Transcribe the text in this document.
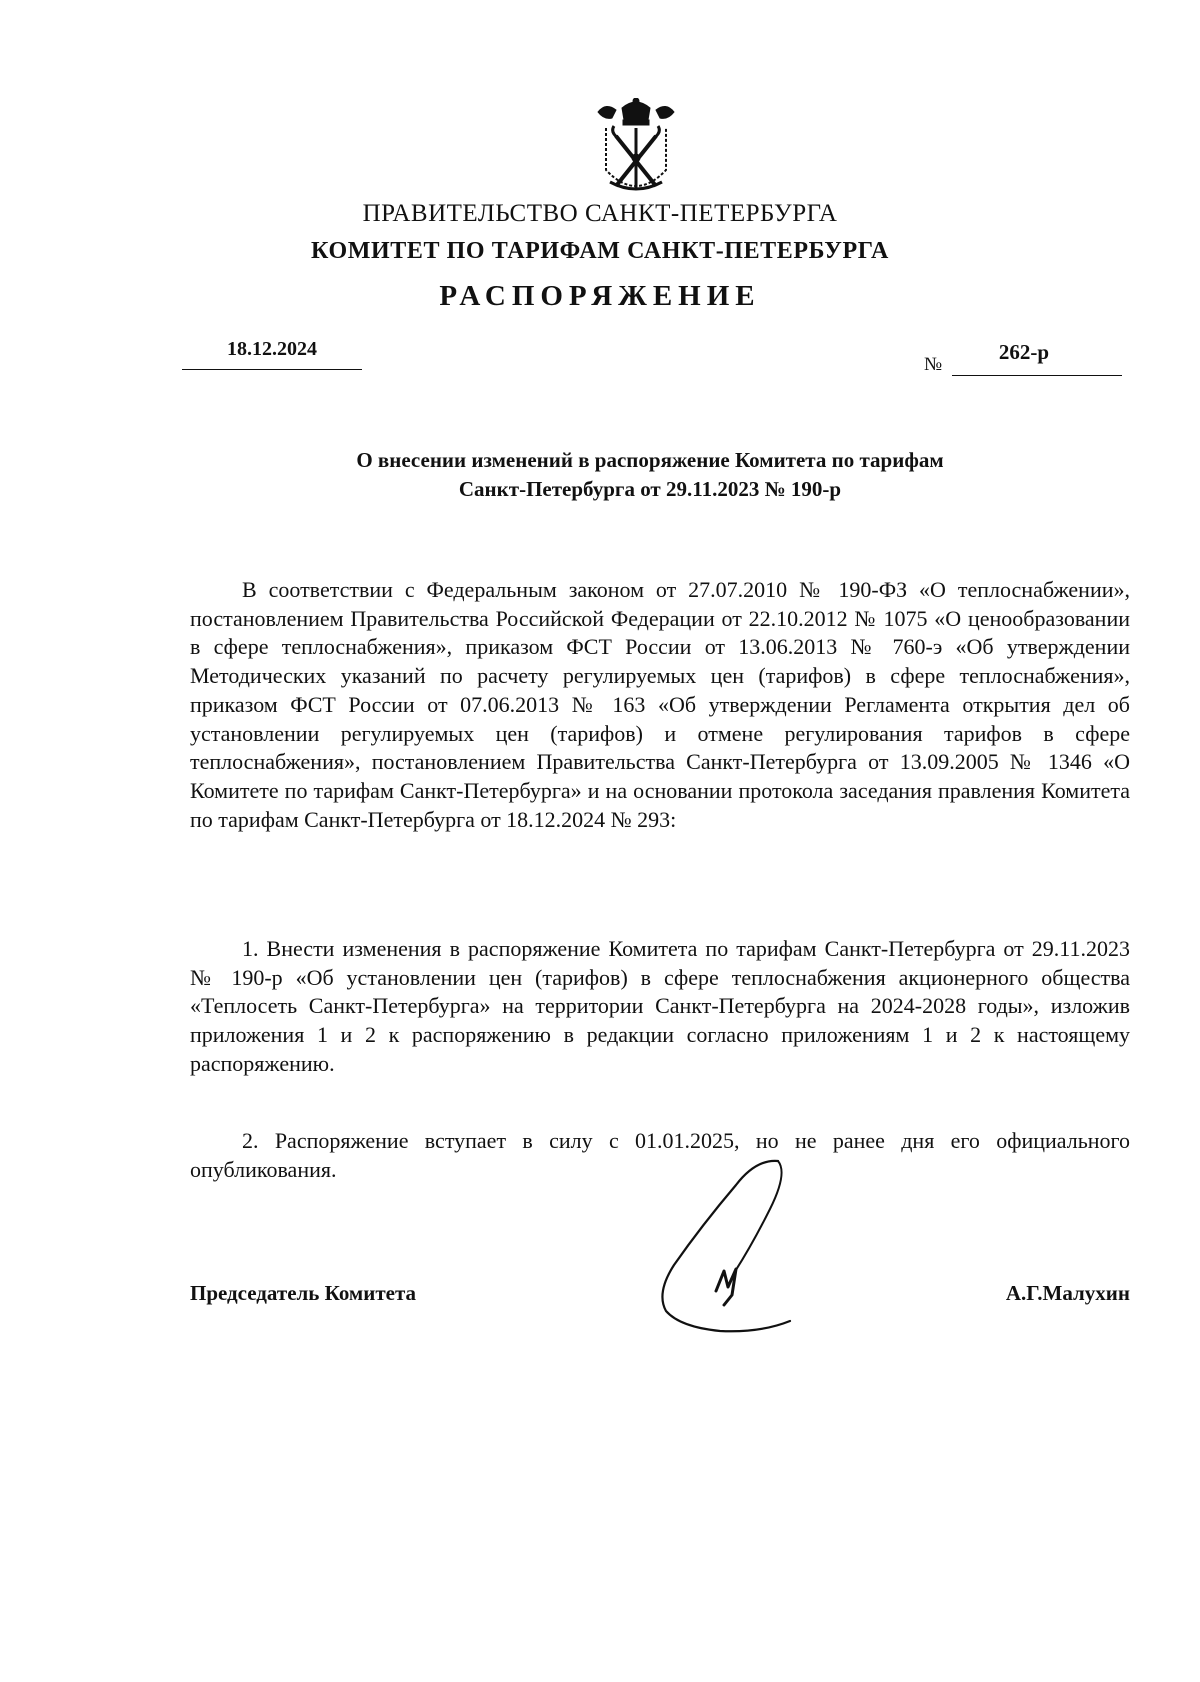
ПРАВИТЕЛЬСТВО САНКТ-ПЕТЕРБУРГА
КОМИТЕТ ПО ТАРИФАМ САНКТ-ПЕТЕРБУРГА
РАСПОРЯЖЕНИЕ
18.12.2024
№
262-р
О внесении изменений в распоряжение Комитета по тарифам
Санкт-Петербурга от 29.11.2023 № 190-р
В соответствии с Федеральным законом от 27.07.2010 № 190-ФЗ «О теплоснабжении», постановлением Правительства Российской Федерации от 22.10.2012 № 1075 «О ценообразовании в сфере теплоснабжения», приказом ФСТ России от 13.06.2013 № 760-э «Об утверждении Методических указаний по расчету регулируемых цен (тарифов) в сфере теплоснабжения», приказом ФСТ России от 07.06.2013 № 163 «Об утверждении Регламента открытия дел об установлении регулируемых цен (тарифов) и отмене регулирования тарифов в сфере теплоснабжения», постановлением Правительства Санкт-Петербурга от 13.09.2005 № 1346 «О Комитете по тарифам Санкт-Петербурга» и на основании протокола заседания правления Комитета по тарифам Санкт-Петербурга от 18.12.2024 № 293:
1. Внести изменения в распоряжение Комитета по тарифам Санкт-Петербурга от 29.11.2023 № 190-р «Об установлении цен (тарифов) в сфере теплоснабжения акционерного общества «Теплосеть Санкт-Петербурга» на территории Санкт-Петербурга на 2024-2028 годы», изложив приложения 1 и 2 к распоряжению в редакции согласно приложениям 1 и 2 к настоящему распоряжению.
2. Распоряжение вступает в силу с 01.01.2025, но не ранее дня его официального опубликования.
Председатель Комитета	А.Г.Малухин
